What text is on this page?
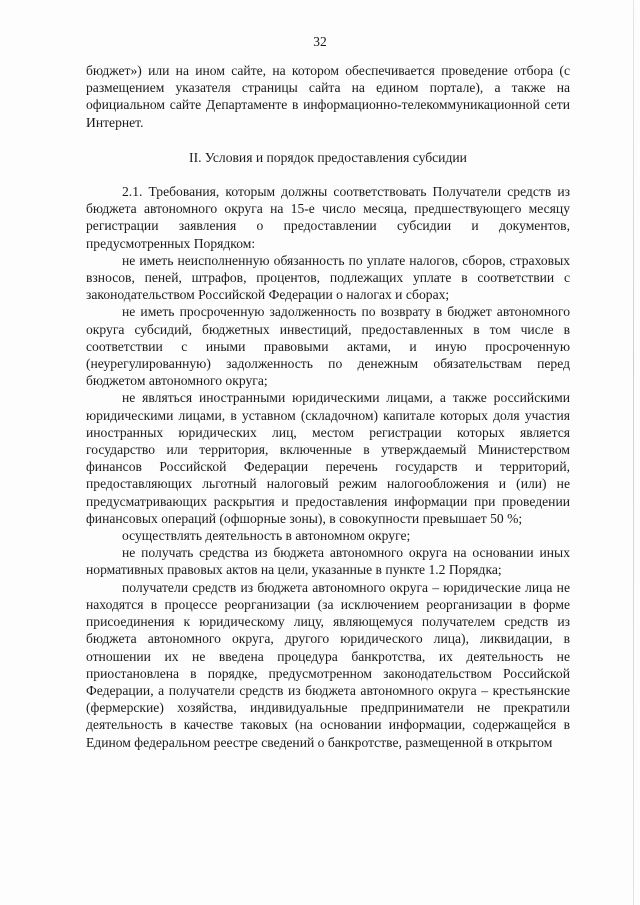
32

бюджет») или на ином сайте, на котором обеспечивается проведение отбора (с размещением указателя страницы сайта на едином портале), а также на официальном сайте Департаменте в информационно-телекоммуникационной сети Интернет.

II. Условия и порядок предоставления субсидии

2.1. Требования, которым должны соответствовать Получатели средств из бюджета автономного округа на 15-е число месяца, предшествующего месяцу регистрации заявления о предоставлении субсидии и документов, предусмотренных Порядком:

не иметь неисполненную обязанность по уплате налогов, сборов, страховых взносов, пеней, штрафов, процентов, подлежащих уплате в соответствии с законодательством Российской Федерации о налогах и сборах;

не иметь просроченную задолженность по возврату в бюджет автономного округа субсидий, бюджетных инвестиций, предоставленных в том числе в соответствии с иными правовыми актами, и иную просроченную (неурегулированную) задолженность по денежным обязательствам перед бюджетом автономного округа;

не являться иностранными юридическими лицами, а также российскими юридическими лицами, в уставном (складочном) капитале которых доля участия иностранных юридических лиц, местом регистрации которых является государство или территория, включенные в утверждаемый Министерством финансов Российской Федерации перечень государств и территорий, предоставляющих льготный налоговый режим налогообложения и (или) не предусматривающих раскрытия и предоставления информации при проведении финансовых операций (офшорные зоны), в совокупности превышает 50 %;

осуществлять деятельность в автономном округе;

не получать средства из бюджета автономного округа на основании иных нормативных правовых актов на цели, указанные в пункте 1.2 Порядка;

получатели средств из бюджета автономного округа – юридические лица не находятся в процессе реорганизации (за исключением реорганизации в форме присоединения к юридическому лицу, являющемуся получателем средств из бюджета автономного округа, другого юридического лица), ликвидации, в отношении их не введена процедура банкротства, их деятельность не приостановлена в порядке, предусмотренном законодательством Российской Федерации, а получатели средств из бюджета автономного округа – крестьянские (фермерские) хозяйства, индивидуальные предприниматели не прекратили деятельность в качестве таковых (на основании информации, содержащейся в Едином федеральном реестре сведений о банкротстве, размещенной в открытом
